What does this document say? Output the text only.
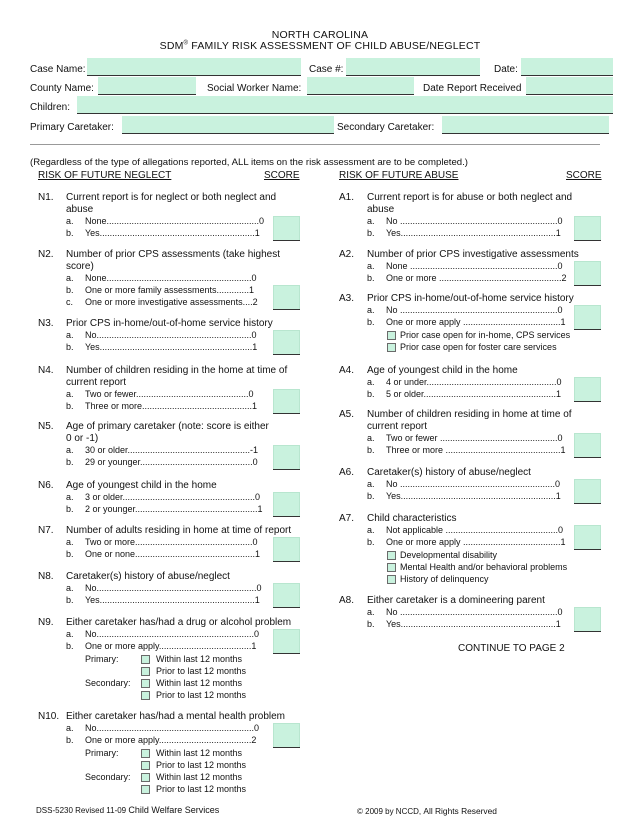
NORTH CAROLINA
SDM® FAMILY RISK ASSESSMENT OF CHILD ABUSE/NEGLECT
Case Name:	Case #:	Date:
County Name:	Social Worker Name:	Date Report Received
Children:
Primary Caretaker:	Secondary Caretaker:
(Regardless of the type of allegations reported, ALL items on the risk assessment are to be completed.)
RISK OF FUTURE NEGLECT	SCORE	RISK OF FUTURE ABUSE	SCORE
N1. Current report is for neglect or both neglect and
abuse
a. None.............................................................0
b. Yes..............................................................1
N2. Number of prior CPS assessments (take highest
score)
a. None..........................................................0
b. One or more family assessments.............1
c. One or more investigative assessments....2
N3. Prior CPS in-home/out-of-home service history
a. No..............................................................0
b. Yes.............................................................1
N4. Number of children residing in the home at time of
current report
a. Two or fewer.............................................0
b. Three or more............................................1
N5. Age of primary caretaker (note: score is either
0 or -1)
a. 30 or older.................................................-1
b. 29 or younger.............................................0
N6. Age of youngest child in the home
a. 3 or older.....................................................0
b. 2 or younger.................................................1
N7. Number of adults residing in home at time of report
a. Two or more...............................................0
b. One or none................................................1
N8. Caretaker(s) history of abuse/neglect
a. No................................................................0
b. Yes..............................................................1
N9. Either caretaker has/had a drug or alcohol problem
a. No...............................................................0
b. One or more apply.....................................1
Primary:	Within last 12 months
Prior to last 12 months
Secondary:	Within last 12 months
Prior to last 12 months
N10. Either caretaker has/had a mental health problem
a. No...............................................................0
b. One or more apply.....................................2
Primary:	Within last 12 months
Prior to last 12 months
Secondary:	Within last 12 months
Prior to last 12 months
A1. Current report is for abuse or both neglect and
abuse
a. No ...............................................................0
b. Yes..............................................................1
A2. Number of prior CPS investigative assessments
a. None ...........................................................0
b. One or more .................................................2
A3. Prior CPS in-home/out-of-home service history
a. No ...............................................................0
b. One or more apply .......................................1
Prior case open for in-home, CPS services
Prior case open for foster care services
A4. Age of youngest child in the home
a. 4 or under....................................................0
b. 5 or older.....................................................1
A5. Number of children residing in home at time of
current report
a. Two or fewer ...............................................0
b. Three or more ..............................................1
A6. Caretaker(s) history of abuse/neglect
a. No ..............................................................0
b. Yes..............................................................1
A7. Child characteristics
a. Not applicable .............................................0
b. One or more apply .......................................1
Developmental disability
Mental Health and/or behavioral problems
History of delinquency
A8. Either caretaker is a domineering parent
a. No ...............................................................0
b. Yes..............................................................1
CONTINUE TO PAGE 2
DSS-5230 Revised 11-09 Child Welfare Services	© 2009 by NCCD, All Rights Reserved
